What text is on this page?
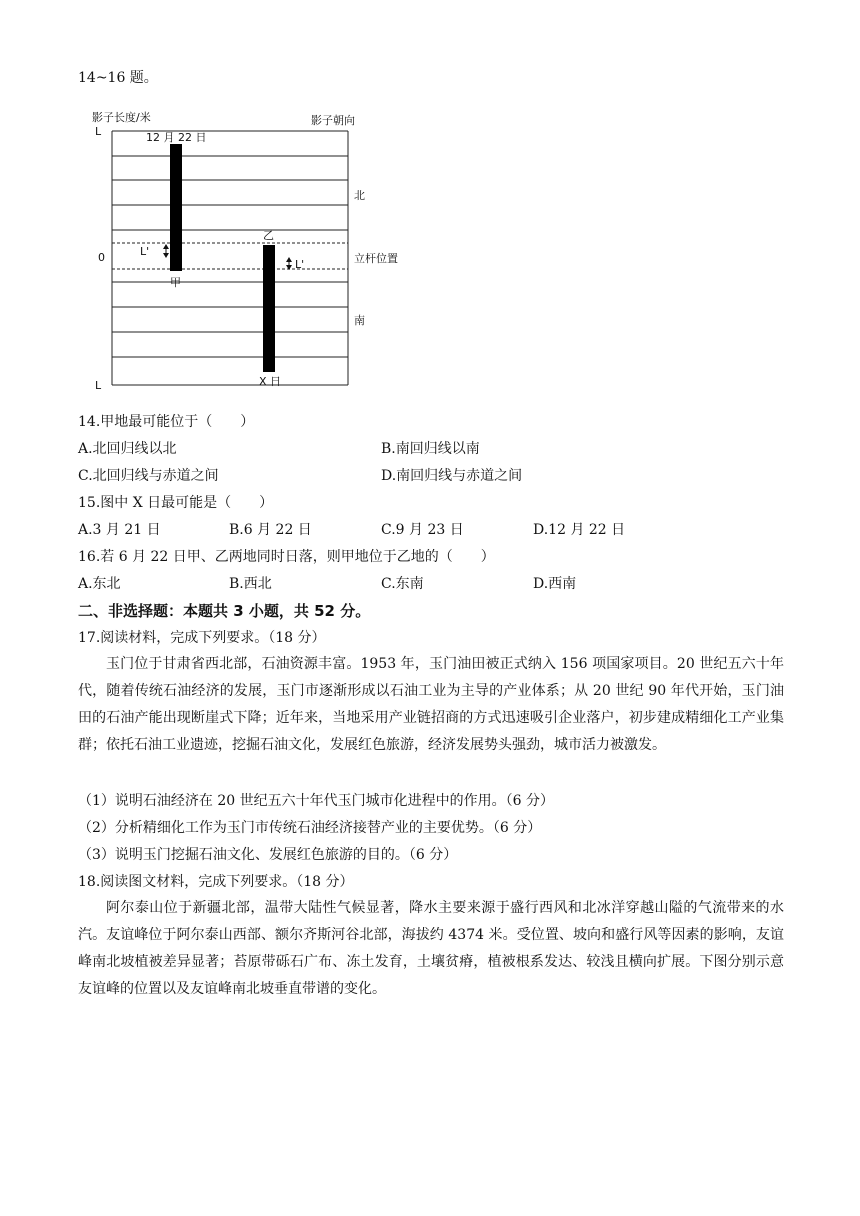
14~16 题。
影子长度/米	影子朝向
L
0
L
12 月 22 日
甲
乙
X 日
L'
L'
北
立杆位置
南
14.甲地最可能位于（　　）
A.北回归线以北	B.南回归线以南
C.北回归线与赤道之间	D.南回归线与赤道之间
15.图中 X 日最可能是（　　）
A.3 月 21 日	B.6 月 22 日	C.9 月 23 日	D.12 月 22 日
16.若 6 月 22 日甲、乙两地同时日落，则甲地位于乙地的（　　）
A.东北	B.西北	C.东南	D.西南
二、非选择题：本题共 3 小题，共 52 分。
17.阅读材料，完成下列要求。（18 分）
玉门位于甘肃省西北部，石油资源丰富。1953 年，玉门油田被正式纳入 156 项国家项目。20 世纪五六十年代，随着传统石油经济的发展，玉门市逐渐形成以石油工业为主导的产业体系；从 20 世纪 90 年代开始，玉门油田的石油产能出现断崖式下降；近年来，当地采用产业链招商的方式迅速吸引企业落户，初步建成精细化工产业集群；依托石油工业遗迹，挖掘石油文化，发展红色旅游，经济发展势头强劲，城市活力被激发。
（1）说明石油经济在 20 世纪五六十年代玉门城市化进程中的作用。（6 分）
（2）分析精细化工作为玉门市传统石油经济接替产业的主要优势。（6 分）
（3）说明玉门挖掘石油文化、发展红色旅游的目的。（6 分）
18.阅读图文材料，完成下列要求。（18 分）
阿尔泰山位于新疆北部，温带大陆性气候显著，降水主要来源于盛行西风和北冰洋穿越山隘的气流带来的水汽。友谊峰位于阿尔泰山西部、额尔齐斯河谷北部，海拔约 4374 米。受位置、坡向和盛行风等因素的影响，友谊峰南北坡植被差异显著；苔原带砾石广布、冻土发育，土壤贫瘠，植被根系发达、较浅且横向扩展。下图分别示意友谊峰的位置以及友谊峰南北坡垂直带谱的变化。
